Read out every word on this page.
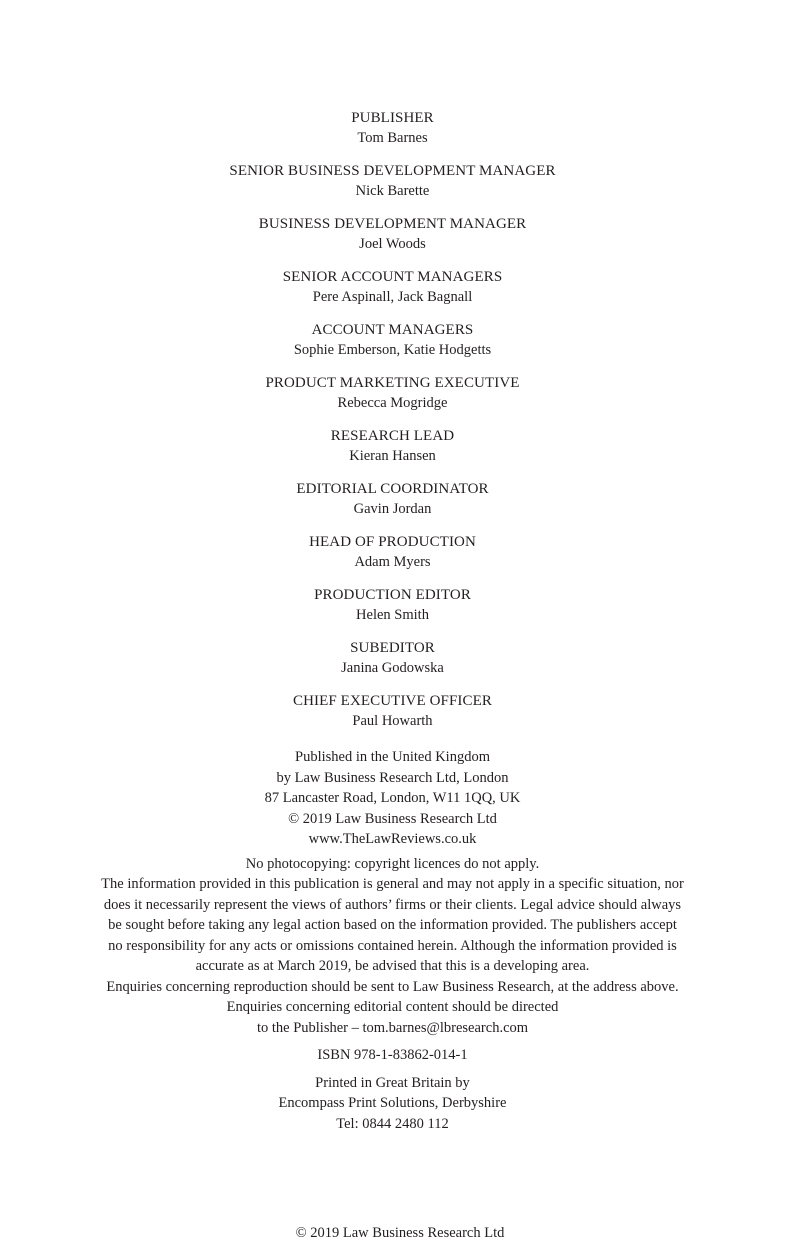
PUBLISHER
Tom Barnes
SENIOR BUSINESS DEVELOPMENT MANAGER
Nick Barette
BUSINESS DEVELOPMENT MANAGER
Joel Woods
SENIOR ACCOUNT MANAGERS
Pere Aspinall, Jack Bagnall
ACCOUNT MANAGERS
Sophie Emberson, Katie Hodgetts
PRODUCT MARKETING EXECUTIVE
Rebecca Mogridge
RESEARCH LEAD
Kieran Hansen
EDITORIAL COORDINATOR
Gavin Jordan
HEAD OF PRODUCTION
Adam Myers
PRODUCTION EDITOR
Helen Smith
SUBEDITOR
Janina Godowska
CHIEF EXECUTIVE OFFICER
Paul Howarth
Published in the United Kingdom
by Law Business Research Ltd, London
87 Lancaster Road, London, W11 1QQ, UK
© 2019 Law Business Research Ltd
www.TheLawReviews.co.uk
No photocopying: copyright licences do not apply.
The information provided in this publication is general and may not apply in a specific situation, nor
does it necessarily represent the views of authors’ firms or their clients. Legal advice should always
be sought before taking any legal action based on the information provided. The publishers accept
no responsibility for any acts or omissions contained herein. Although the information provided is
accurate as at March 2019, be advised that this is a developing area.
Enquiries concerning reproduction should be sent to Law Business Research, at the address above.
Enquiries concerning editorial content should be directed
to the Publisher – tom.barnes@lbresearch.com
ISBN 978-1-83862-014-1
Printed in Great Britain by
Encompass Print Solutions, Derbyshire
Tel: 0844 2480 112
© 2019 Law Business Research Ltd
